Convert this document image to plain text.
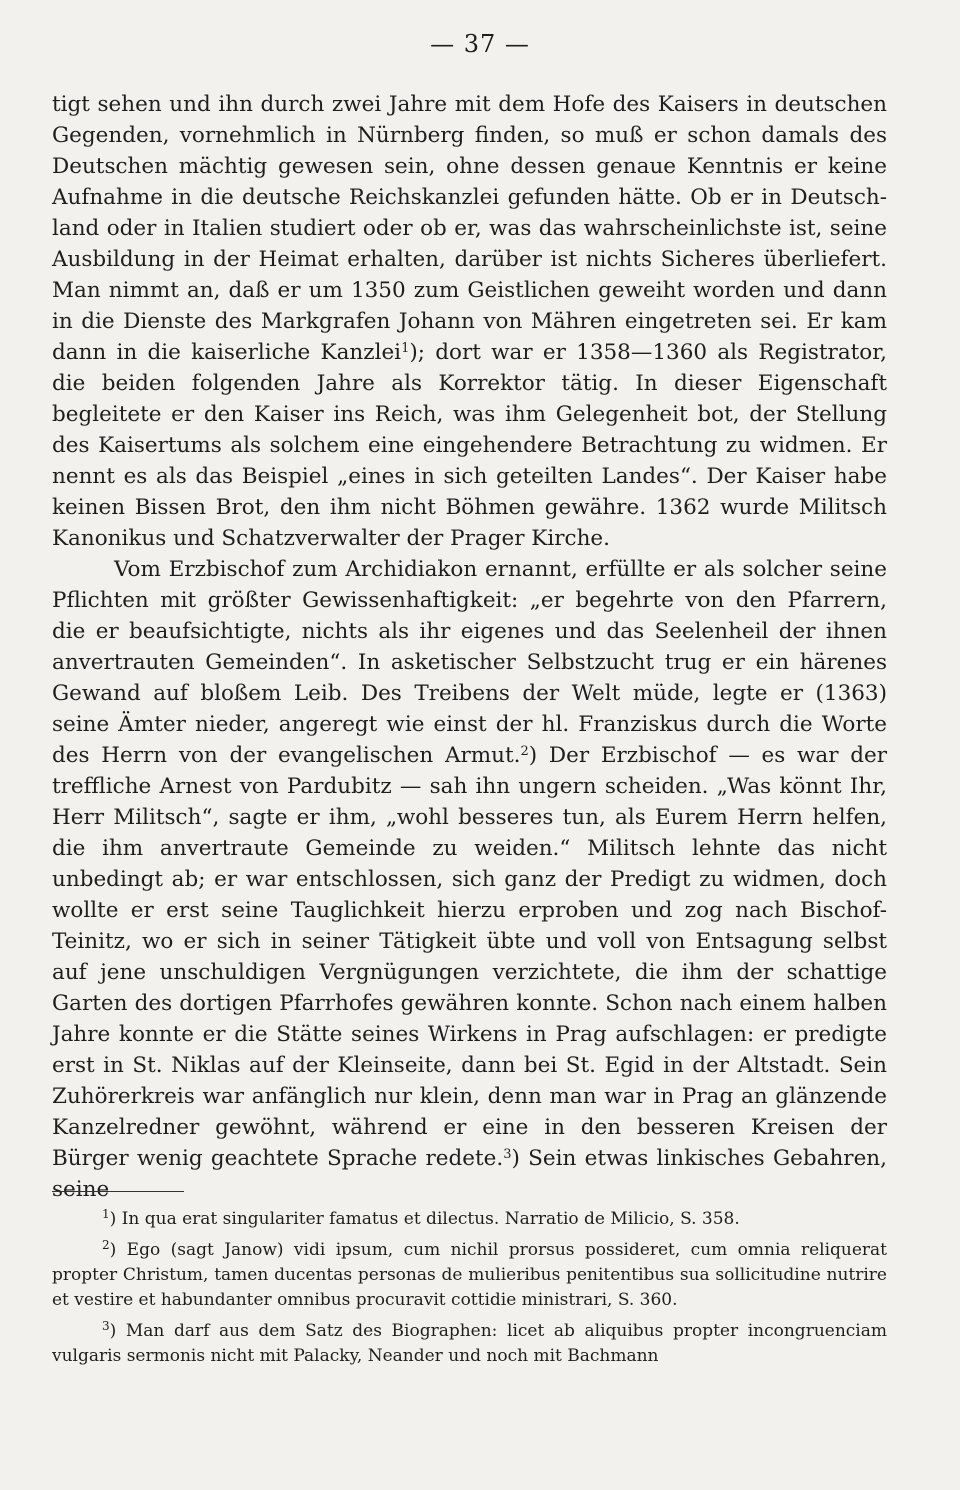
— 37 —

tigt sehen und ihn durch zwei Jahre mit dem Hofe des Kaisers in deutschen Gegenden, vornehmlich in Nürnberg finden, so muß er schon damals des Deutschen mächtig gewesen sein, ohne dessen genaue Kenntnis er keine Aufnahme in die deutsche Reichskanzlei gefunden hätte. Ob er in Deutschland oder in Italien studiert oder ob er, was das wahrscheinlichste ist, seine Ausbildung in der Heimat erhalten, darüber ist nichts Sicheres überliefert. Man nimmt an, daß er um 1350 zum Geistlichen geweiht worden und dann in die Dienste des Markgrafen Johann von Mähren eingetreten sei. Er kam dann in die kaiserliche Kanzlei$^1$); dort war er 1358—1360 als Registrator, die beiden folgenden Jahre als Korrektor tätig. In dieser Eigenschaft begleitete er den Kaiser ins Reich, was ihm Gelegenheit bot, der Stellung des Kaisertums als solchem eine eingehendere Betrachtung zu widmen. Er nennt es als das Beispiel „eines in sich geteilten Landes“. Der Kaiser habe keinen Bissen Brot, den ihm nicht Böhmen gewähre. 1362 wurde Militsch Kanonikus und Schatzverwalter der Prager Kirche.

Vom Erzbischof zum Archidiakon ernannt, erfüllte er als solcher seine Pflichten mit größter Gewissenhaftigkeit: „er begehrte von den Pfarrern, die er beaufsichtigte, nichts als ihr eigenes und das Seelenheil der ihnen anvertrauten Gemeinden“. In asketischer Selbstzucht trug er ein härenes Gewand auf bloßem Leib. Des Treibens der Welt müde, legte er (1363) seine Ämter nieder, angeregt wie einst der hl. Franziskus durch die Worte des Herrn von der evangelischen Armut.$^2$) Der Erzbischof — es war der treffliche Arnest von Pardubitz — sah ihn ungern scheiden. „Was könnt Ihr, Herr Militsch“, sagte er ihm, „wohl besseres tun, als Eurem Herrn helfen, die ihm anvertraute Gemeinde zu weiden.“ Militsch lehnte das nicht unbedingt ab; er war entschlossen, sich ganz der Predigt zu widmen, doch wollte er erst seine Tauglichkeit hierzu erproben und zog nach Bischof-Teinitz, wo er sich in seiner Tätigkeit übte und voll von Entsagung selbst auf jene unschuldigen Vergnügungen verzichtete, die ihm der schattige Garten des dortigen Pfarrhofes gewähren konnte. Schon nach einem halben Jahre konnte er die Stätte seines Wirkens in Prag aufschlagen: er predigte erst in St. Niklas auf der Kleinseite, dann bei St. Egid in der Altstadt. Sein Zuhörerkreis war anfänglich nur klein, denn man war in Prag an glänzende Kanzelredner gewöhnt, während er eine in den besseren Kreisen der Bürger wenig geachtete Sprache redete.$^3$) Sein etwas linkisches Gebahren, seine

$^1$) In qua erat singulariter famatus et dilectus. Narratio de Milicio, S. 358.

$^2$) Ego (sagt Janow) vidi ipsum, cum nichil prorsus possideret, cum omnia reliquerat propter Christum, tamen ducentas personas de mulieribus penitentibus sua sollicitudine nutrire et vestire et habundanter omnibus procuravit cottidie ministrari, S. 360.

$^3$) Man darf aus dem Satz des Biographen: licet ab aliquibus propter incongruenciam vulgaris sermonis nicht mit Palacky, Neander und noch mit Bachmann
